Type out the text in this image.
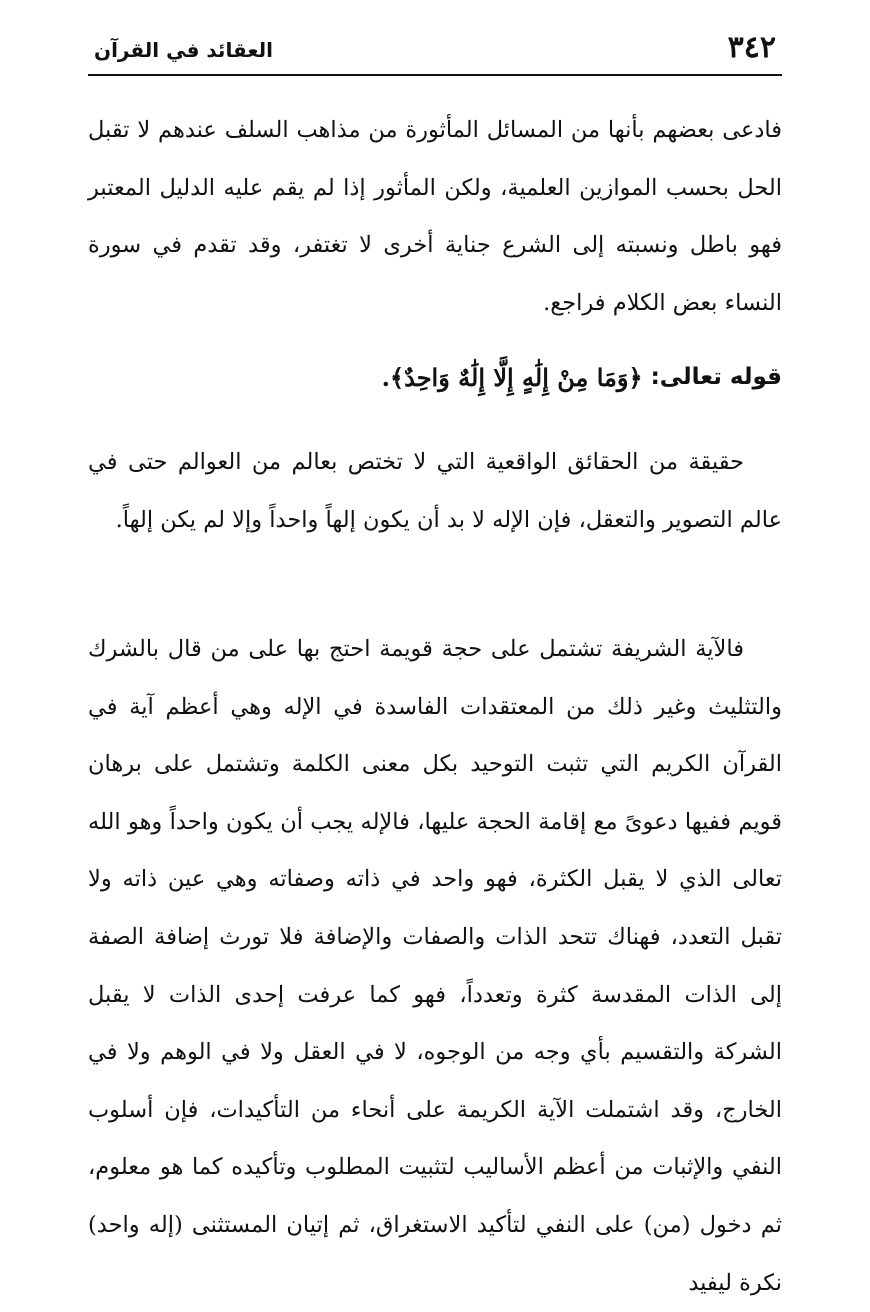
٣٤٢
العقائد في القرآن

فادعى بعضهم بأنها من المسائل المأثورة من مذاهب السلف عندهم لا تقبل الحل بحسب الموازين العلمية، ولكن المأثور إذا لم يقم عليه الدليل المعتبر فهو باطل ونسبته إلى الشرع جناية أخرى لا تغتفر، وقد تقدم في سورة النساء بعض الكلام فراجع.

قوله تعالى:
﴿وَمَا مِنْ إِلَٰهٍ إِلَّا إِلَٰهٌ وَاحِدٌ﴾.

حقيقة من الحقائق الواقعية التي لا تختص بعالم من العوالم حتى في عالم التصوير والتعقل، فإن الإله لا بد أن يكون إلهاً واحداً وإلا لم يكن إلهاً.

فالآية الشريفة تشتمل على حجة قويمة احتج بها على من قال بالشرك والتثليث وغير ذلك من المعتقدات الفاسدة في الإله وهي أعظم آية في القرآن الكريم التي تثبت التوحيد بكل معنى الكلمة وتشتمل على برهان قويم ففيها دعوىً مع إقامة الحجة عليها، فالإله يجب أن يكون واحداً وهو الله تعالى الذي لا يقبل الكثرة، فهو واحد في ذاته وصفاته وهي عين ذاته ولا تقبل التعدد، فهناك تتحد الذات والصفات والإضافة فلا تورث إضافة الصفة إلى الذات المقدسة كثرة وتعدداً، فهو كما عرفت إحدى الذات لا يقبل الشركة والتقسيم بأي وجه من الوجوه، لا في العقل ولا في الوهم ولا في الخارج، وقد اشتملت الآية الكريمة على أنحاء من التأكيدات، فإن أسلوب النفي والإثبات من أعظم الأساليب لتثبيت المطلوب وتأكيده كما هو معلوم، ثم دخول (من) على النفي لتأكيد الاستغراق، ثم إتيان المستثنى (إله واحد) نكرة ليفيد
